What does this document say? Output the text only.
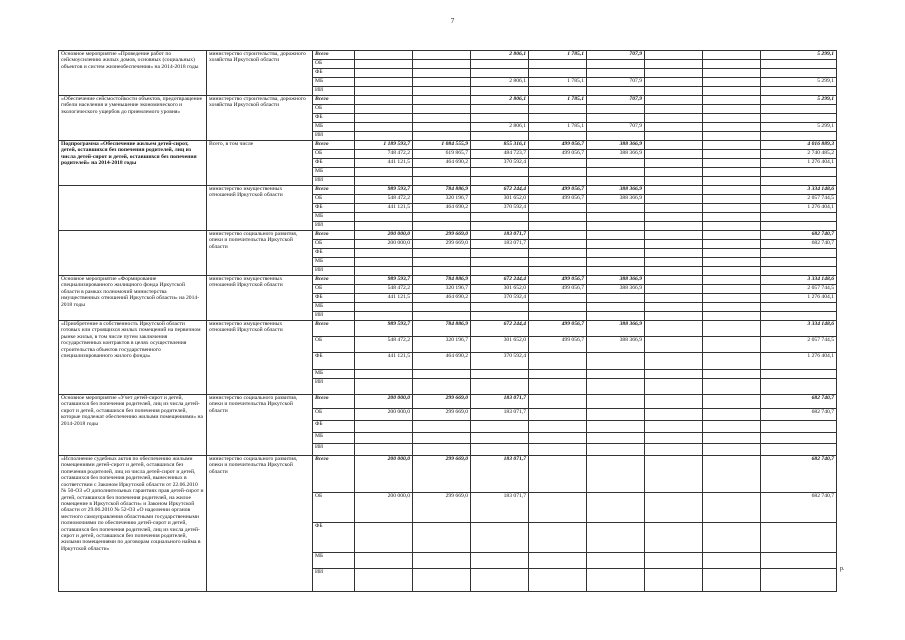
7
Основное мероприятие «Проведение работ по сейсмоусилению жилых домов, основных (социальных) объектов и систем жизнеобеспечения» на 2014-2018 годы	министерство строительства, дорожного хозяйства Иркутской области	Всего			2 806,1	1 785,1	707,9			5 299,1
		ОБ								
		ФБ								
		МБ			2 806,1	1 785,1	707,9			5 299,1
		ИИ								
«Обеспечение сейсмостойкости объектов, предотвращение гибели населения и уменьшение экономического и экологического ущербов до приемлемого уровня»	министерство строительства, дорожного хозяйства Иркутской области	Всего			2 806,1	1 785,1	707,9			5 299,1
		ОБ								
		ФБ								
		МБ			2 806,1	1 785,1	707,9			5 299,1
		ИИ								
Подпрограмма «Обеспечение жильем детей-сирот, детей, оставшихся без попечения родителей, лиц из числа детей-сирот и детей, оставшихся без попечения родителей» на 2014-2018 годы	Всего, в том числе	Всего	1 189 593,7	1 084 555,9	855 316,1	499 056,7	388 366,9			4 016 889,3
		ОБ	748 472,2	619 865,7	484 723,7	499 056,7	388 366,9			2 740 485,2
		ФБ	441 121,5	464 690,2	370 592,4					1 276 404,1
		МБ								
		ИИ								
	министерство имущественных отношений Иркутской области	Всего	989 593,7	784 886,9	672 244,4	499 056,7	388 366,9			3 334 148,6
		ОБ	548 472,2	320 196,7	301 652,0	499 056,7	388 366,9			2 057 744,5
		ФБ	441 121,5	464 690,2	370 592,4					1 276 404,1
		МБ								
		ИИ								
	министерство социального развития, опеки и попечительства Иркутской области	Всего	200 000,0	299 669,0	183 071,7					682 740,7
		ОБ	200 000,0	299 669,0	183 071,7					682 740,7
		ФБ								
		МБ								
		ИИ								
Основное мероприятие «Формирование специализированного жилищного фонда Иркутской области в рамках полномочий министерства имущественных отношений Иркутской области» на 2014-2018 годы	министерство имущественных отношений Иркутской области	Всего	989 593,7	784 886,9	672 244,4	499 056,7	388 366,9			3 334 148,6
		ОБ	548 472,2	320 196,7	301 652,0	499 056,7	388 366,9			2 057 744,5
		ФБ	441 121,5	464 690,2	370 592,4					1 276 404,1
		МБ								
		ИИ								
«Приобретение в собственность Иркутской области готовых или строящихся жилых помещений на первичном рынке жилья, в том числе путем заключения государственных контрактов в целях осуществления строительства объектов государственного специализированного жилого фонда»	министерство имущественных отношений Иркутской области	Всего	989 593,7	784 886,9	672 244,4	499 056,7	388 366,9			3 334 148,6
		ОБ	548 472,2	320 196,7	301 652,0	499 056,7	388 366,9			2 057 744,5
		ФБ	441 121,5	464 690,2	370 592,4					1 276 404,1
		МБ								
		ИИ								
Основное мероприятие «Учет детей-сирот и детей, оставшихся без попечения родителей, лиц из числа детей-сирот и детей, оставшихся без попечения родителей, которые подлежат обеспечению жилыми помещениями» на 2014-2018 годы	министерство социального развития, опеки и попечительства Иркутской области	Всего	200 000,0	299 669,0	183 071,7					682 740,7
		ОБ	200 000,0	299 669,0	183 071,7					682 740,7
		ФБ								
		МБ								
		ИИ								
«Исполнение судебных актов по обеспечению жилыми помещениями детей-сирот и детей, оставшихся без попечения родителей, лиц из числа детей-сирот и детей, оставшихся без попечения родителей, вынесенных в соответствии с Законом Иркутской области от 22.06.2010 № 50-ОЗ «О дополнительных гарантиях прав детей-сирот и детей, оставшихся без попечения родителей, на жилое помещение в Иркутской области» и Законом Иркутской области от 29.06.2010 № 52-ОЗ «О наделении органов местного самоуправления областными государственными полномочиями по обеспечению детей-сирот и детей, оставшихся без попечения родителей, лиц из числа детей-сирот и детей, оставшихся без попечения родителей, жилыми помещениями по договорам социального найма в Иркутской области»	министерство социального развития, опеки и попечительства Иркутской области	Всего	200 000,0	299 669,0	183 071,7					682 740,7
		ОБ	200 000,0	299 669,0	183 071,7					682 740,7
		ФБ								
		МБ								
		ИИ									р.
